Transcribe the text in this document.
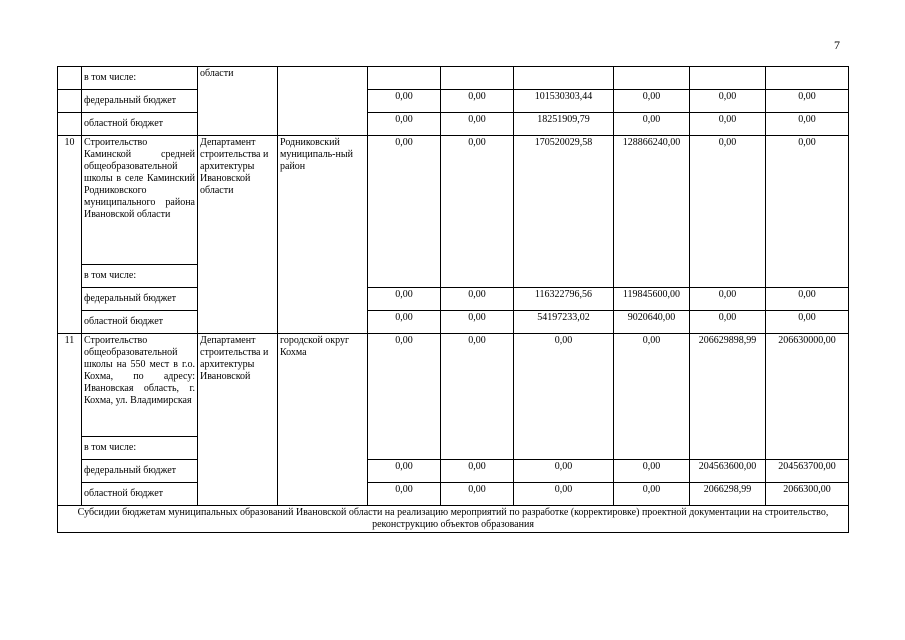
7
	в том числе:	области							
	федеральный бюджет			0,00	0,00	101530303,44	0,00	0,00	0,00
	областной бюджет			0,00	0,00	18251909,79	0,00	0,00	0,00
10	Строительство Каминской средней общеобразовательной школы в селе Каминский Родниковского муниципального района Ивановской области	Департамент строительства и архитектуры Ивановской области	Родниковский муниципаль-ный район	0,00	0,00	170520029,58	128866240,00	0,00	0,00
	в том числе:								
	федеральный бюджет			0,00	0,00	116322796,56	119845600,00	0,00	0,00
	областной бюджет			0,00	0,00	54197233,02	9020640,00	0,00	0,00
11	Строительство общеобразовательной школы на 550 мест в г.о. Кохма, по адресу: Ивановская область, г. Кохма, ул. Владимирская	Департамент строительства и архитектуры Ивановской	городской округ Кохма	0,00	0,00	0,00	0,00	206629898,99	206630000,00
	в том числе:								
	федеральный бюджет			0,00	0,00	0,00	0,00	204563600,00	204563700,00
	областной бюджет			0,00	0,00	0,00	0,00	2066298,99	2066300,00
Субсидии бюджетам муниципальных образований Ивановской области на реализацию мероприятий по разработке (корректировке) проектной документации на строительство, реконструкцию объектов образования									
